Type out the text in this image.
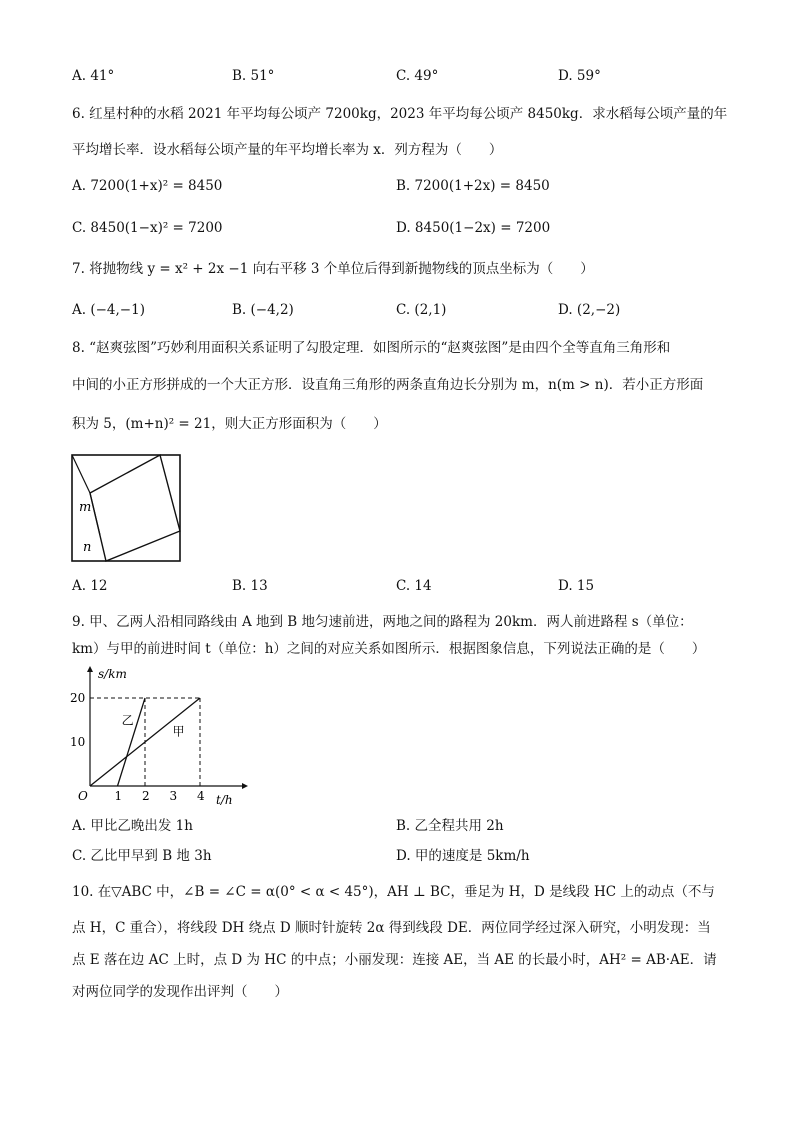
A. 41°	B. 51°	C. 49°	D. 59°
6. 红星村种的水稻 2021 年平均每公顷产 7200kg，2023 年平均每公顷产 8450kg．求水稻每公顷产量的年
平均增长率．设水稻每公顷产量的年平均增长率为 x．列方程为（　　）
A. 7200(1+x)² = 8450	B. 7200(1+2x) = 8450
C. 8450(1−x)² = 7200	D. 8450(1−2x) = 7200
7. 将抛物线 y = x² + 2x −1 向右平移 3 个单位后得到新抛物线的顶点坐标为（　　）
A. (−4,−1)	B. (−4,2)	C. (2,1)	D. (2,−2)
8. “赵爽弦图”巧妙利用面积关系证明了勾股定理．如图所示的“赵爽弦图”是由四个全等直角三角形和
中间的小正方形拼成的一个大正方形．设直角三角形的两条直角边长分别为 m，n(m > n)．若小正方形面
积为 5，(m+n)² = 21，则大正方形面积为（　　）
m
n
A. 12	B. 13	C. 14	D. 15
9. 甲、乙两人沿相同路线由 A 地到 B 地匀速前进，两地之间的路程为 20km．两人前进路程 s（单位：
km）与甲的前进时间 t（单位：h）之间的对应关系如图所示．根据图象信息，下列说法正确的是（　　）
s/km
t/h
O
20
10
1 2 3 4
乙
甲
A. 甲比乙晚出发 1h	B. 乙全程共用 2h
C. 乙比甲早到 B 地 3h	D. 甲的速度是 5km/h
10. 在▽ABC 中，∠B = ∠C = α(0° < α < 45°)，AH ⊥ BC，垂足为 H，D 是线段 HC 上的动点（不与
点 H，C 重合），将线段 DH 绕点 D 顺时针旋转 2α 得到线段 DE．两位同学经过深入研究，小明发现：当
点 E 落在边 AC 上时，点 D 为 HC 的中点；小丽发现：连接 AE，当 AE 的长最小时，AH² = AB·AE．请
对两位同学的发现作出评判（　　）
